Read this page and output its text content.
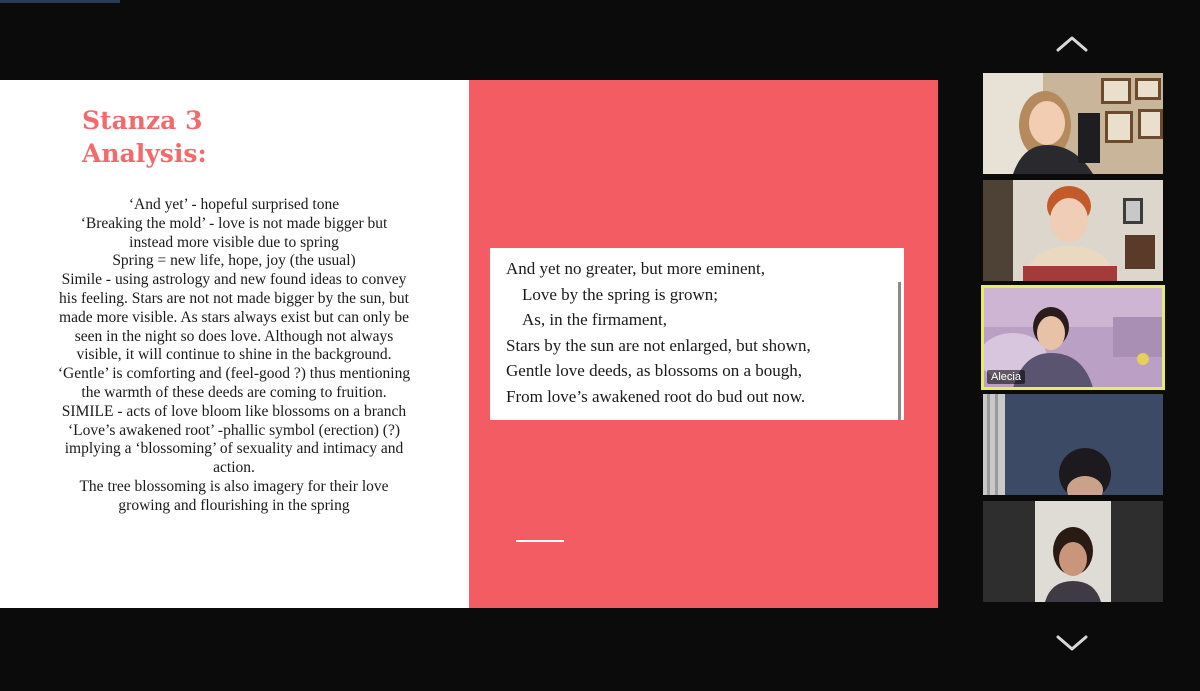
Stanza 3
Analysis:
‘And yet’ - hopeful surprised tone
‘Breaking the mold’ - love is not made bigger but
instead more visible due to spring
Spring = new life, hope, joy (the usual)
Simile - using astrology and new found ideas to convey
his feeling. Stars are not not made bigger by the sun, but
made more visible. As stars always exist but can only be
seen in the night so does love. Although not always
visible, it will continue to shine in the background.
‘Gentle’ is comforting and (feel-good ?) thus mentioning
the warmth of these deeds are coming to fruition.
SIMILE - acts of love bloom like blossoms on a branch
‘Love’s awakened root’ -phallic symbol (erection) (?)
implying a ‘blossoming’ of sexuality and intimacy and
action.
The tree blossoming is also imagery for their love
growing and flourishing in the spring
And yet no greater, but more eminent,
Love by the spring is grown;
As, in the firmament,
Stars by the sun are not enlarged, but shown,
Gentle love deeds, as blossoms on a bough,
From love’s awakened root do bud out now.
Alecia
